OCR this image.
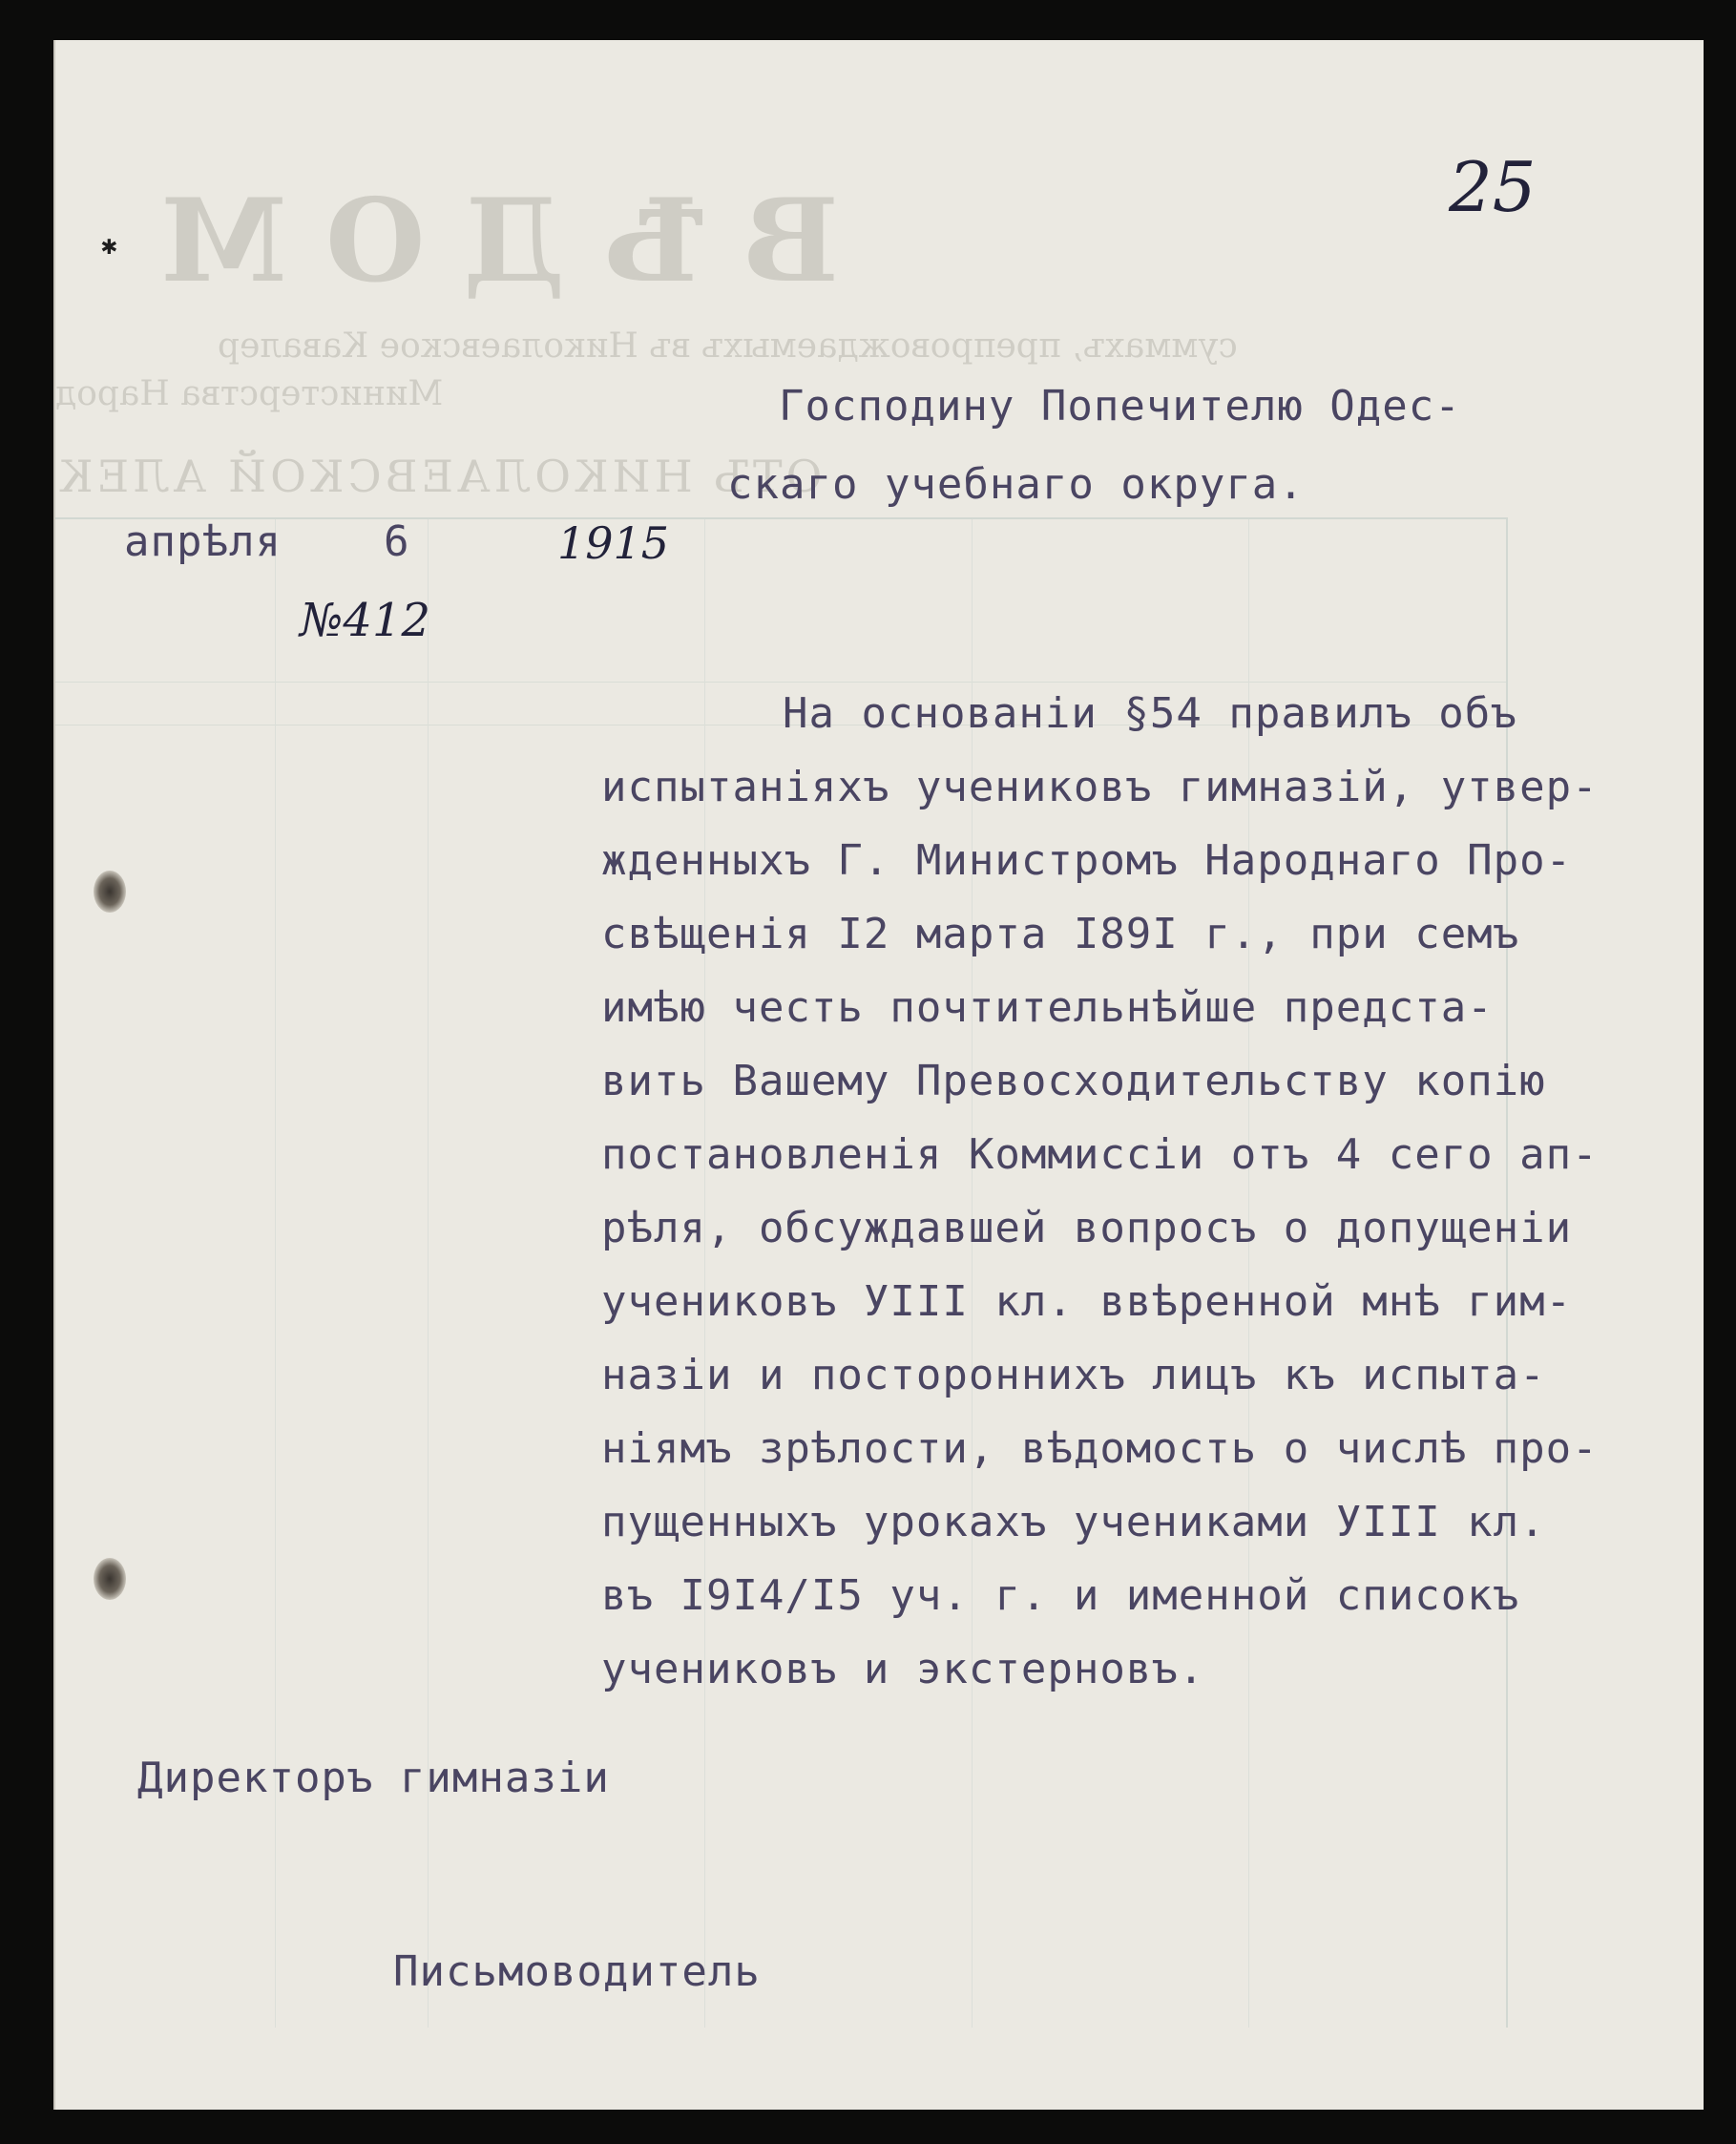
ВѢДОМ
суммахъ, препровождаемыхъ въ Николаевское Кавалер
Министерства Народ
ОТЪ НИКОЛАЕВСКОЙ АЛЕК
✱
25
Господину Попечителю Одес-
скаго учебнаго округа.
апрѣля 6	1915
№412
На основанiи §54 правилъ объ
испытанiяхъ учениковъ гимназiй, утвер-
жденныхъ Г. Министромъ Народнаго Про-
свѣщенiя I2 марта I89I г., при семъ
имѣю честь почтительнѣйше предста-
вить Вашему Превосходительству копiю
постановленiя Коммиссiи отъ 4 сего ап-
рѣля, обсуждавшей вопросъ о допущенiи
учениковъ УIII кл. ввѣренной мнѣ гим-
назiи и постороннихъ лицъ къ испыта-
нiямъ зрѣлости, вѣдомость о числѣ про-
пущенныхъ урокахъ учениками УIII кл.
въ I9I4/I5 уч. г. и именной списокъ
учениковъ и экстерновъ.
Директоръ гимназiи
Письмоводитель
